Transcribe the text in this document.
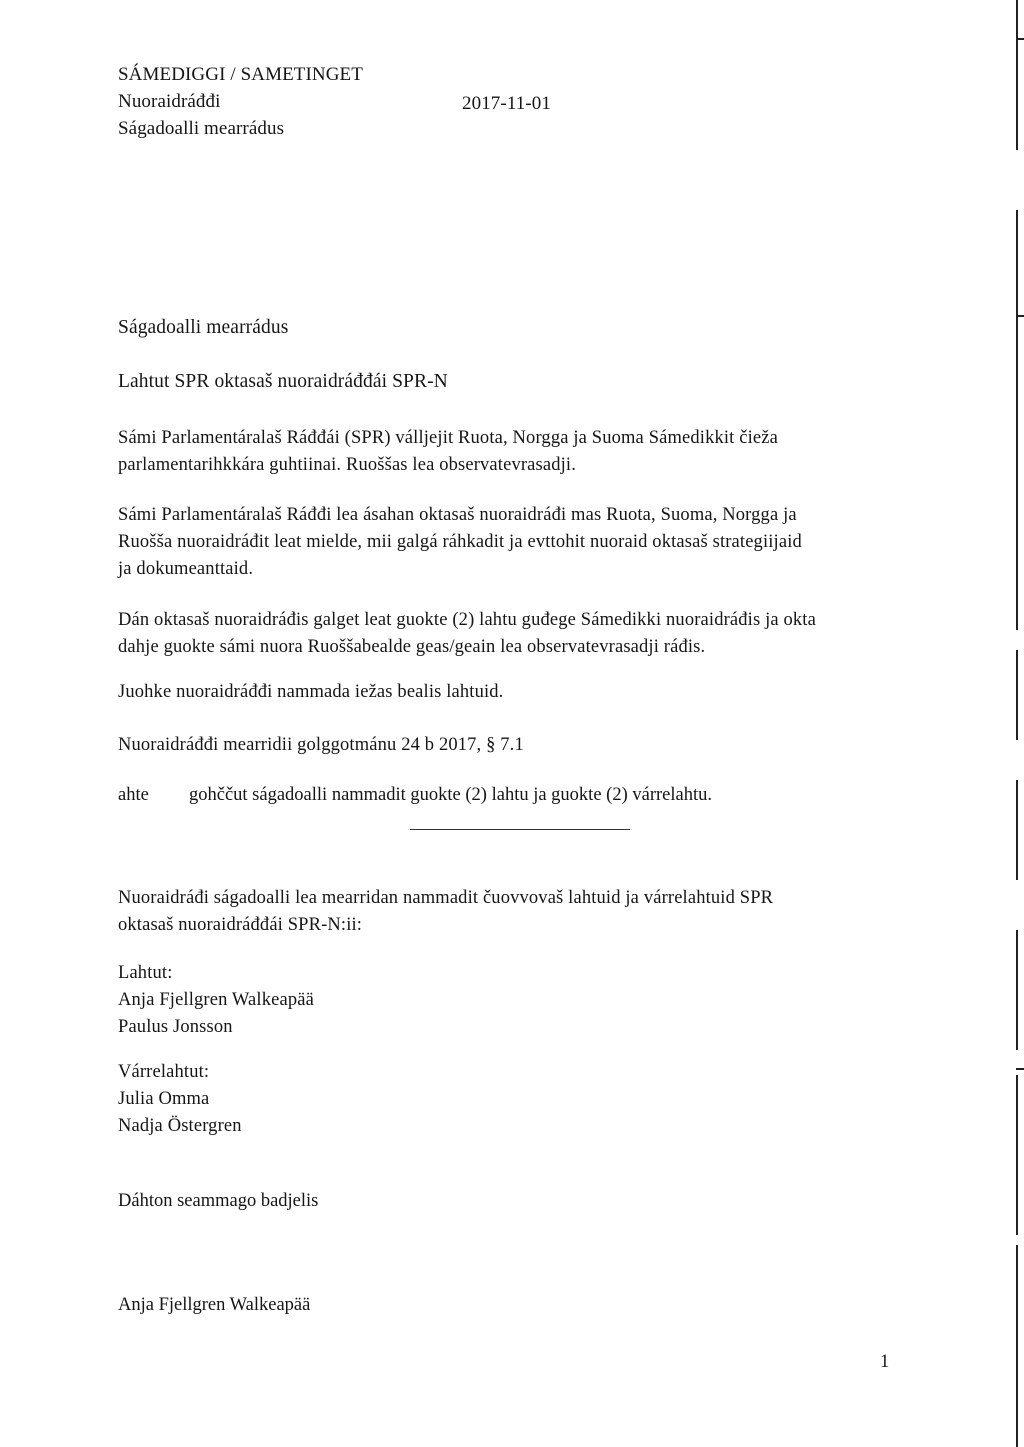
SÁMEDIGGI / SAMETINGET
Nuoraidráđđi	2017-11-01
Ságadoalli mearrádus
Ságadoalli mearrádus
Lahtut SPR oktasaš nuoraidráđđái SPR-N
Sámi Parlamentáralaš Ráđđái (SPR) válljejit Ruota, Norgga ja Suoma Sámedikkit čieža
parlamentarihkkára guhtiinai. Ruoššas lea observatevrasadji.
Sámi Parlamentáralaš Ráđđi lea ásahan oktasaš nuoraidráđi mas Ruota, Suoma, Norgga ja
Ruošša nuoraidráđit leat mielde, mii galgá ráhkadit ja evttohit nuoraid oktasaš strategiijaid
ja dokumeanttaid.
Dán oktasaš nuoraidráđis galget leat guokte (2) lahtu guđege Sámedikki nuoraidráđis ja okta
dahje guokte sámi nuora Ruoššabealde geas/geain lea observatevrasadji ráđis.
Juohke nuoraidráđđi nammada iežas bealis lahtuid.
Nuoraidráđđi mearridii golggotmánu 24 b 2017, § 7.1
ahte gohččut ságadoalli nammadit guokte (2) lahtu ja guokte (2) várrelahtu.
Nuoraidráđi ságadoalli lea mearridan nammadit čuovvovaš lahtuid ja várrelahtuid SPR
oktasaš nuoraidráđđái SPR-N:ii:
Lahtut:
Anja Fjellgren Walkeapää
Paulus Jonsson
Várrelahtut:
Julia Omma
Nadja Östergren
Dáhton seammago badjelis
Anja Fjellgren Walkeapää
1
